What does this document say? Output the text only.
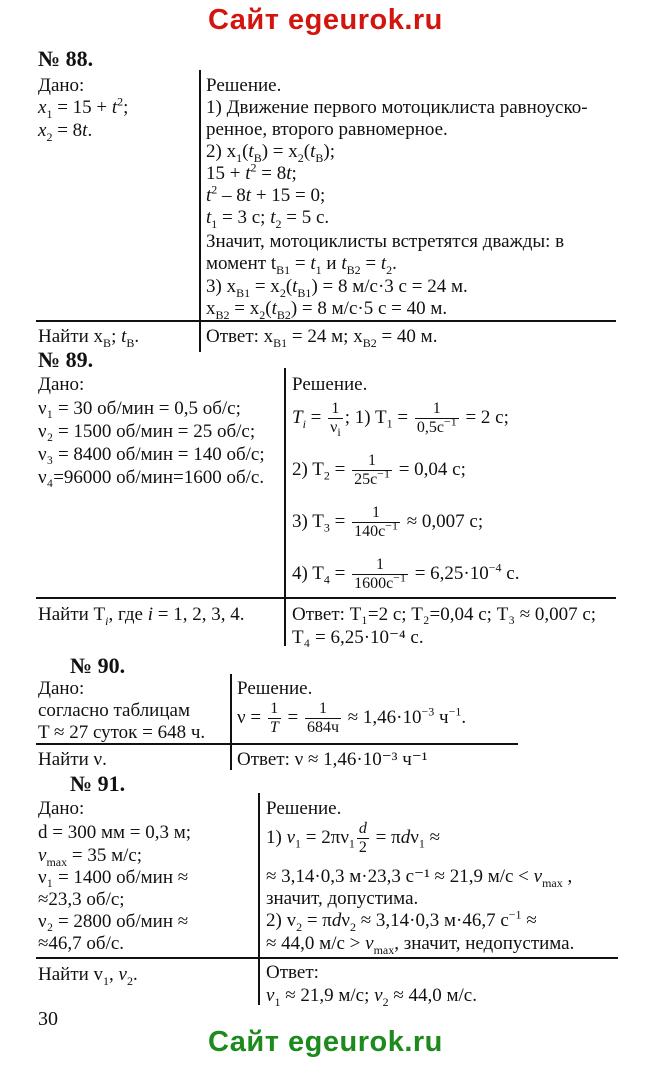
Сайт egeurok.ru
№ 88.
Дано:
$x_1 = 15 + t^2$;
$x_2 = 8t$.
Найти $x_В$; $t_В$.
Решение.
1) Движение первого мотоциклиста равноуско-
ренное, второго равномерное.
2) $x_1(t_В) = x_2(t_В)$;
$15 + t^2 = 8t$;
$t^2 - 8t + 15 = 0$;
$t_1 = 3$ с; $t_2 = 5$ с.
Значит, мотоциклисты встретятся дважды: в
момент $t_{В1} = t_1$ и $t_{В2} = t_2$.
3) $x_{В1} = x_2(t_{В1}) = 8$ м/с·3 с = 24 м.
$x_{В2} = x_2(t_{В2}) = 8$ м/с·5 с = 40 м.
Ответ: $x_{В1} = 24$ м; $x_{В2} = 40$ м.
№ 89.
Дано:
ν₁ = 30 об/мин = 0,5 об/с;
ν₂ = 1500 об/мин = 25 об/с;
ν₃ = 8400 об/мин = 140 об/с;
ν₄=96000 об/мин=1600 об/с.
Найти $T_i$, где i = 1, 2, 3, 4.
Решение.
$T_i = \frac{1}{\nu_i}$ ; 1) $T_1 = \frac{1}{0,5c^{-1}} = 2$ с;
2) $T_2 = \frac{1}{25c^{-1}} = 0,04$ с;
3) $T_3 = \frac{1}{140c^{-1}} \approx 0,007$ с;
4) $T_4 = \frac{1}{1600c^{-1}} = 6,25\cdot 10^{-4}$ с.
Ответ: T₁=2 с; T₂=0,04 с; T₃ ≈ 0,007 с;
T₄ = 6,25·10⁻⁴ с.
№ 90.
Дано:
согласно таблицам
T ≈ 27 суток = 648 ч.
Найти ν.
Решение.
$\nu = \frac{1}{T} = \frac{1}{684ч} \approx 1,46\cdot 10^{-3}$ $ч^{-1}$.
Ответ: ν ≈ 1,46·10⁻³ ч⁻¹
№ 91.
Дано:
d = 300 мм = 0,3 м;
$v_{max} = 35$ м/с;
ν₁ = 1400 об/мин ≈
≈23,3 об/с;
ν₂ = 2800 об/мин ≈
≈46,7 об/с.
Найти $v_1$, $v_2$.
Решение.
1) $v_1 = 2\pi\nu_1 \frac{d}{2} = \pi d\nu_1$ ≈
≈ 3,14·0,3 м·23,3 с⁻¹ ≈ 21,9 $м/с < v_{max}$ ,
значит, допустима.
2) $v_2 = \pi d\nu_2 \approx 3,14\cdot 0,3$ м·46,7 $с^{-1}$ ≈
≈ 44,0 $м/с > v_{max}$, значит, недопустима.
Ответ:
$v_1 \approx 21,9$ м/с; $v_2 \approx 44,0$ м/с.
30
Сайт egeurok.ru
